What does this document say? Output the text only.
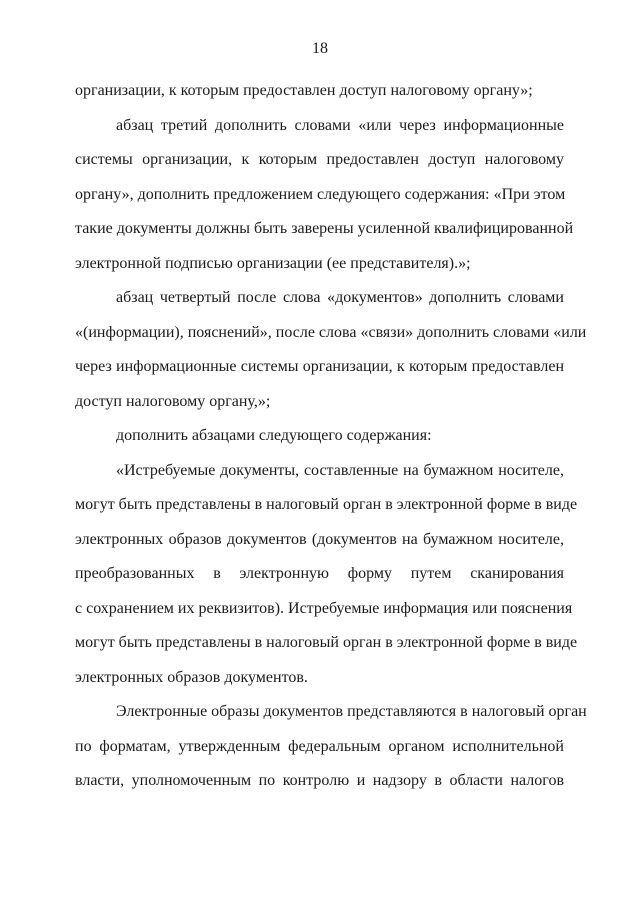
18
организации, к которым предоставлен доступ налоговому органу»;
абзац третий дополнить словами «или через информационные
системы организации, к которым предоставлен доступ налоговому
органу», дополнить предложением следующего содержания: «При этом
такие документы должны быть заверены усиленной квалифицированной
электронной подписью организации (ее представителя).»;
абзац четвертый после слова «документов» дополнить словами
«(информации), пояснений», после слова «связи» дополнить словами «или
через информационные системы организации, к которым предоставлен
доступ налоговому органу,»;
дополнить абзацами следующего содержания:
«Истребуемые документы, составленные на бумажном носителе,
могут быть представлены в налоговый орган в электронной форме в виде
электронных образов документов (документов на бумажном носителе,
преобразованных в электронную форму путем сканирования
с сохранением их реквизитов). Истребуемые информация или пояснения
могут быть представлены в налоговый орган в электронной форме в виде
электронных образов документов.
Электронные образы документов представляются в налоговый орган
по форматам, утвержденным федеральным органом исполнительной
власти, уполномоченным по контролю и надзору в области налогов
